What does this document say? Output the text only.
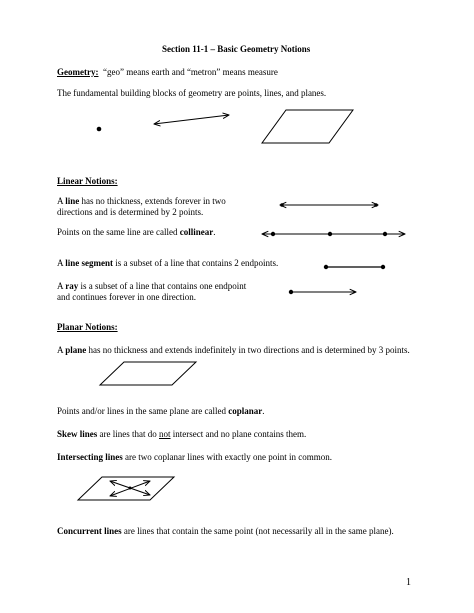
Section 11-1 – Basic Geometry Notions
Geometry: “geo” means earth and “metron” means measure
The fundamental building blocks of geometry are points, lines, and planes.
Linear Notions:
A line has no thickness, extends forever in two
directions and is determined by 2 points.
Points on the same line are called collinear.
A line segment is a subset of a line that contains 2 endpoints.
A ray is a subset of a line that contains one endpoint
and continues forever in one direction.
Planar Notions:
A plane has no thickness and extends indefinitely in two directions and is determined by 3 points.
Points and/or lines in the same plane are called coplanar.
Skew lines are lines that do not intersect and no plane contains them.
Intersecting lines are two coplanar lines with exactly one point in common.
Concurrent lines are lines that contain the same point (not necessarily all in the same plane).
1
